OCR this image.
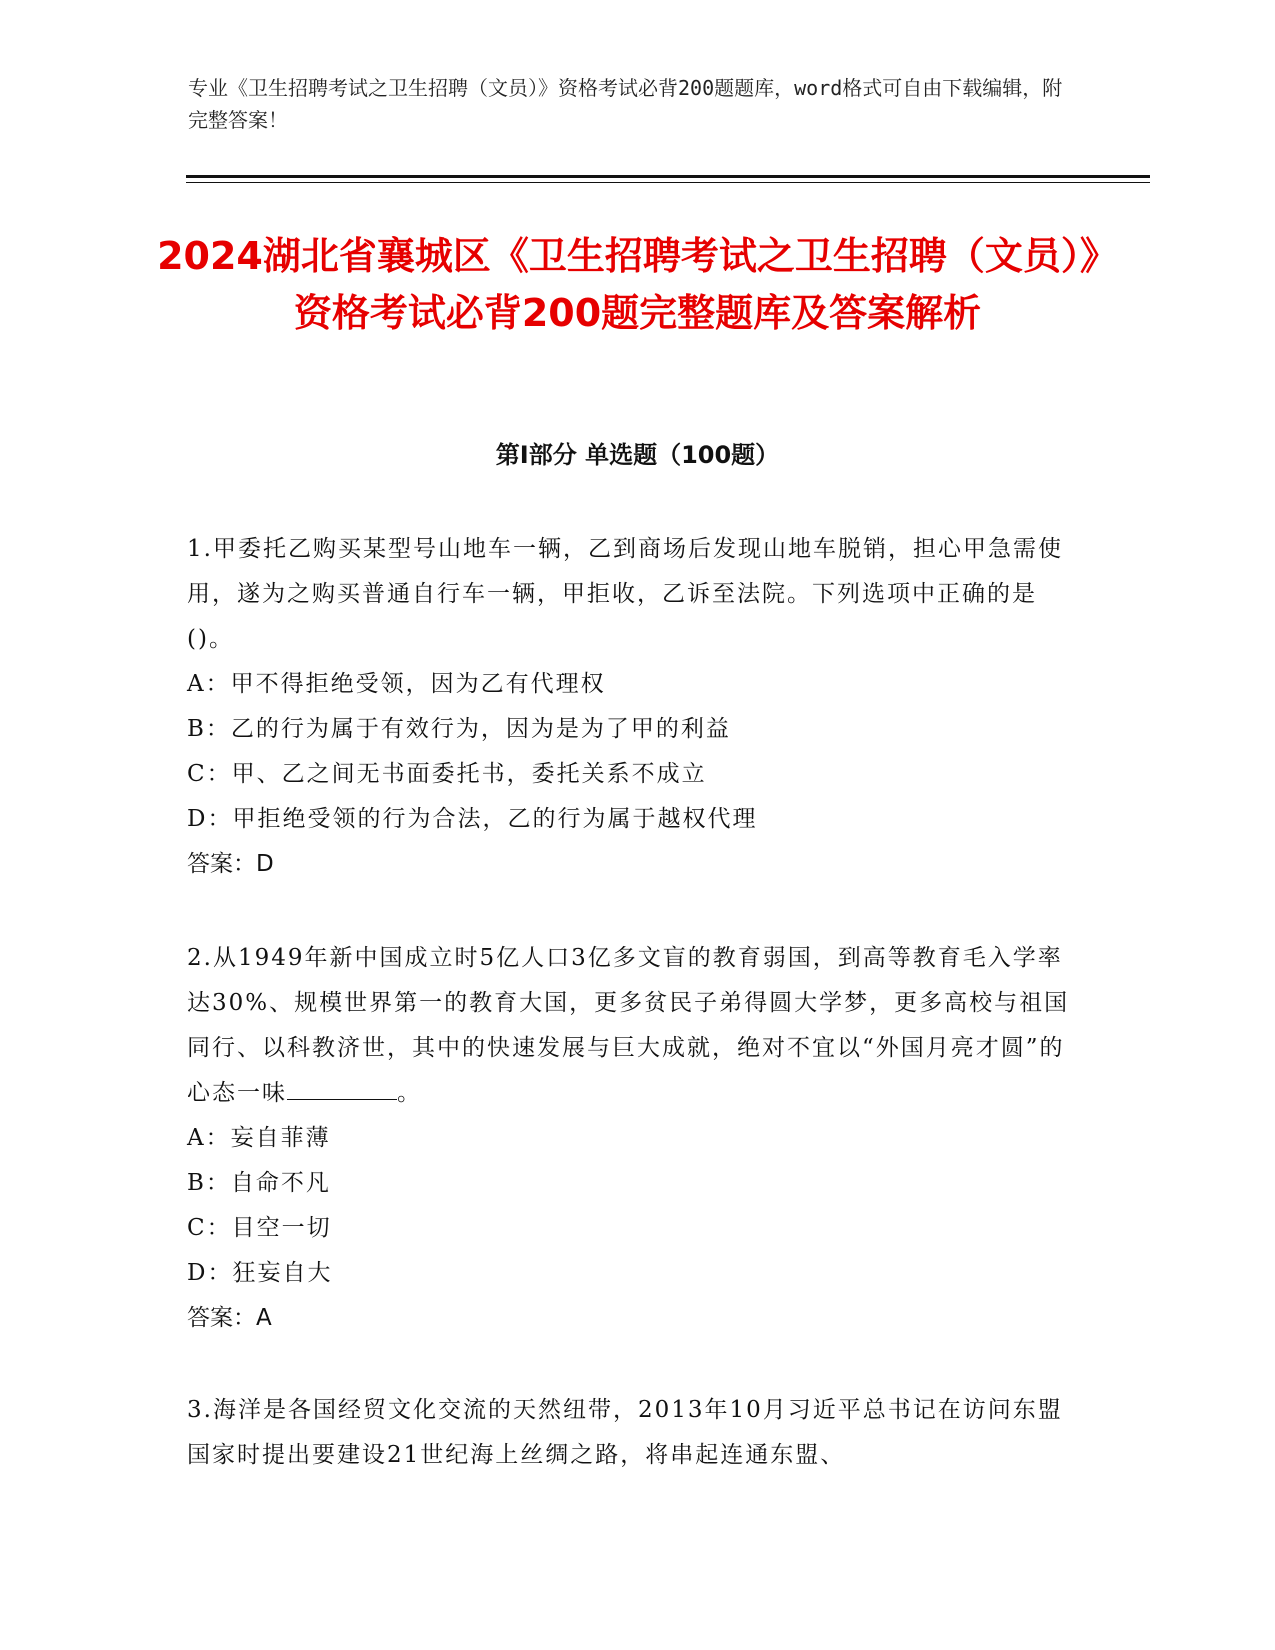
专业《卫生招聘考试之卫生招聘（文员）》资格考试必背200题题库，word格式可自由下载编辑，附完整答案！
2024湖北省襄城区《卫生招聘考试之卫生招聘（文员）》资格考试必背200题完整题库及答案解析
第Ⅰ部分 单选题（100题）

1.甲委托乙购买某型号山地车一辆，乙到商场后发现山地车脱销，担心甲急需使用，遂为之购买普通自行车一辆，甲拒收，乙诉至法院。下列选项中正确的是()。

A：甲不得拒绝受领，因为乙有代理权

B：乙的行为属于有效行为，因为是为了甲的利益

C：甲、乙之间无书面委托书，委托关系不成立

D：甲拒绝受领的行为合法，乙的行为属于越权代理

答案：D

2.从1949年新中国成立时5亿人口3亿多文盲的教育弱国，到高等教育毛入学率达30%、规模世界第一的教育大国，更多贫民子弟得圆大学梦，更多高校与祖国同行、以科教济世，其中的快速发展与巨大成就，绝对不宜以“外国月亮才圆”的心态一味	。

A：妄自菲薄

B：自命不凡

C：目空一切

D：狂妄自大

答案：A

3.海洋是各国经贸文化交流的天然纽带，2013年10月习近平总书记在访问东盟国家时提出要建设21世纪海上丝绸之路，将串起连通东盟、
